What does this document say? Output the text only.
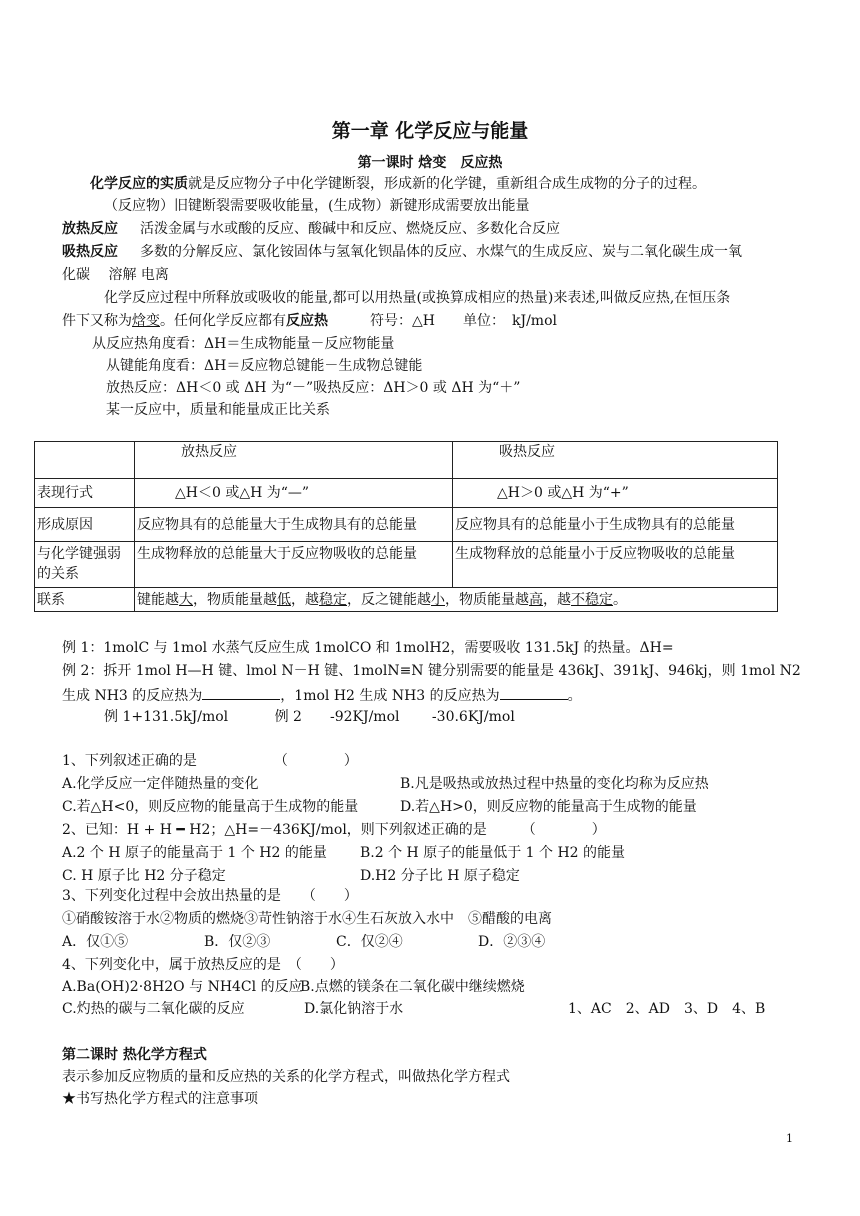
第一章 化学反应与能量
第一课时 焓变　反应热
化学反应的实质就是反应物分子中化学键断裂，形成新的化学键，重新组合成生成物的分子的过程。
（反应物）旧键断裂需要吸收能量，(生成物）新键形成需要放出能量
放热反应 活泼金属与水或酸的反应、酸碱中和反应、燃烧反应、多数化合反应
吸热反应 多数的分解反应、氯化铵固体与氢氧化钡晶体的反应、水煤气的生成反应、炭与二氧化碳生成一氧
化碳　 溶解 电离
化学反应过程中所释放或吸收的能量,都可以用热量(或换算成相应的热量)来表述,叫做反应热,在恒压条
件下又称为焓变。任何化学反应都有反应热　　　符号：△H　　单位：　kJ/mol
从反应热角度看：ΔH＝生成物能量－反应物能量
从键能角度看：ΔH＝反应物总键能－生成物总键能
放热反应：ΔH＜0 或 ΔH 为“－”吸热反应：ΔH＞0 或 ΔH 为“＋”
某一反应中，质量和能量成正比关系
	放热反应	吸热反应
表现行式	△H＜0 或△H 为“—”	△H＞0 或△H 为“+”
形成原因	反应物具有的总能量大于生成物具有的总能量	反应物具有的总能量小于生成物具有的总能量
与化学键强弱的关系	生成物释放的总能量大于反应物吸收的总能量	生成物释放的总能量小于反应物吸收的总能量
联系	键能越大，物质能量越低，越稳定，反之键能越小，物质能量越高，越不稳定。	
例 1：1molC 与 1mol 水蒸气反应生成 1molCO 和 1molH2，需要吸收 131.5kJ 的热量。ΔH=
例 2：拆开 1mol H—H 键、lmol N－H 键、1molN≡N 键分别需要的能量是 436kJ、391kJ、946kj，则 1mol N2
生成 NH3 的反应热为	，1mol H2 生成 NH3 的反应热为	。
例 1+131.5kJ/mol　　　 例 2　　-92KJ/mol　　 -30.6KJ/mol
1、下列叙述正确的是　　　　　　（　　　　）
A.化学反应一定伴随热量的变化	B.凡是吸热或放热过程中热量的变化均称为反应热
C.若△H<0，则反应物的能量高于生成物的能量	D.若△H>0，则反应物的能量高于生成物的能量
2、已知：H + H ━ H2；△H=－436KJ/mol，则下列叙述正确的是　　　（　　　　）
A.2 个 H 原子的能量高于 1 个 H2 的能量 B.2 个 H 原子的能量低于 1 个 H2 的能量
C. H 原子比 H2 分子稳定	D.H2 分子比 H 原子稳定
3、下列变化过程中会放出热量的是　　（　　）
①硝酸铵溶于水②物质的燃烧③苛性钠溶于水④生石灰放入水中　⑤醋酸的电离
A．仅①⑤	B．仅②③	C．仅②④	D．②③④
4、下列变化中，属于放热反应的是　（　　）
A.Ba(OH)2·8H2O 与 NH4Cl 的反应
B.点燃的镁条在二氧化碳中继续燃烧
C.灼热的碳与二氧化碳的反应	D.氯化钠溶于水	1、AC　2、AD　3、D　4、B
第二课时 热化学方程式
表示参加反应物质的量和反应热的关系的化学方程式，叫做热化学方程式
★书写热化学方程式的注意事项
1
